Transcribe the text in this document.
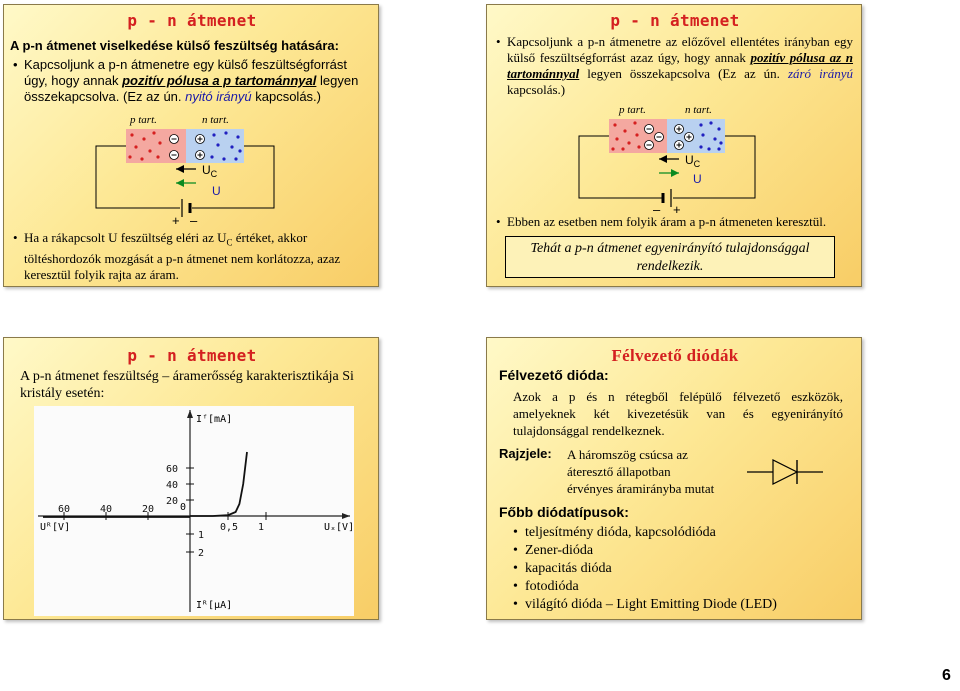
p - n átmenet
A p-n átmenet viselkedése külső feszültség hatására:

• Kapcsoljunk a p-n átmenetre egy külső feszültségforrást úgy, hogy annak pozitív pólusa a p tartománnyal legyen összekapcsolva. (Ez az ún. nyitó irányú kapcsolás.)

p tart.	n tart.
+ –
$U_C$
U

• Ha a rákapcsolt U feszültség eléri az $U_C$ értéket, akkor töltéshordozók mozgását a p-n átmenet nem korlátozza, azaz keresztül folyik rajta az áram.

p - n átmenet

• Kapcsoljunk a p-n átmenetre az előzővel ellentétes irányban egy külső feszültségforrást azaz úgy, hogy annak pozitív pólusa az n tartománnyal legyen összekapcsolva (Ez az ún. záró irányú kapcsolás.)

p tart.	n tart.
– +
$U_C$
U

• Ebben az esetben nem folyik áram a p-n átmeneten keresztül.

Tehát a p-n átmenet egyenirányító tulajdonsággal rendelkezik.

p - n átmenet

A p-n átmenet feszültség – áramerősség karakterisztikája Si kristály esetén:

0,5 1
60	40	20
60
40
20
1
2
Iᶠ[mA]
Iᴿ[μA]
Uₓ[V]
Uᴿ[V]
0
Félvezető diódák
Félvezető dióda:

Azok a p és n rétegből felépülő félvezető eszközök, amelyeknek két kivezetésük van és egyenirányító tulajdonsággal rendelkeznek.

Rajzjele: A háromszög csúcsa az áteresztő állapotban érvényes áramirányba mutat

Főbb diódatípusok:
• teljesítmény dióda, kapcsolódióda
• Zener-dióda
• kapacitás dióda
• fotodióda
• világító dióda – Light Emitting Diode (LED)
6
